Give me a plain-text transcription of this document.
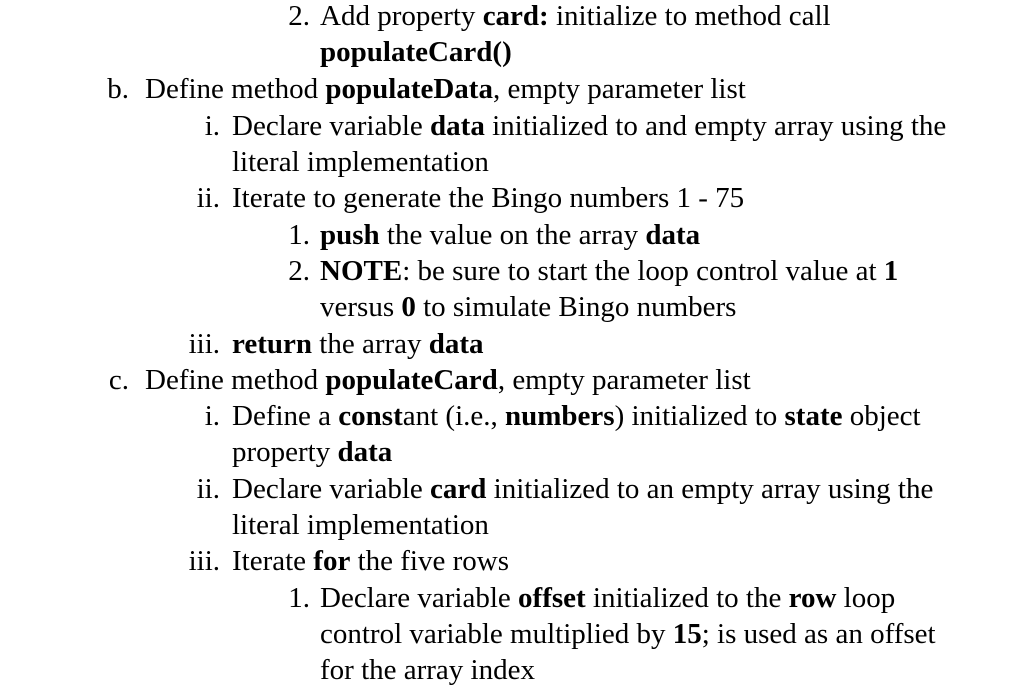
2. Add property card: initialize to method call
populateCard()
b. Define method populateData, empty parameter list
i. Declare variable data initialized to and empty array using the
literal implementation
ii. Iterate to generate the Bingo numbers 1 - 75
1. push the value on the array data
2. NOTE: be sure to start the loop control value at 1
versus 0 to simulate Bingo numbers
iii. return the array data
c. Define method populateCard, empty parameter list
i. Define a constant (i.e., numbers) initialized to state object
property data
ii. Declare variable card initialized to an empty array using the
literal implementation
iii. Iterate for the five rows
1. Declare variable offset initialized to the row loop
control variable multiplied by 15; is used as an offset
for the array index
